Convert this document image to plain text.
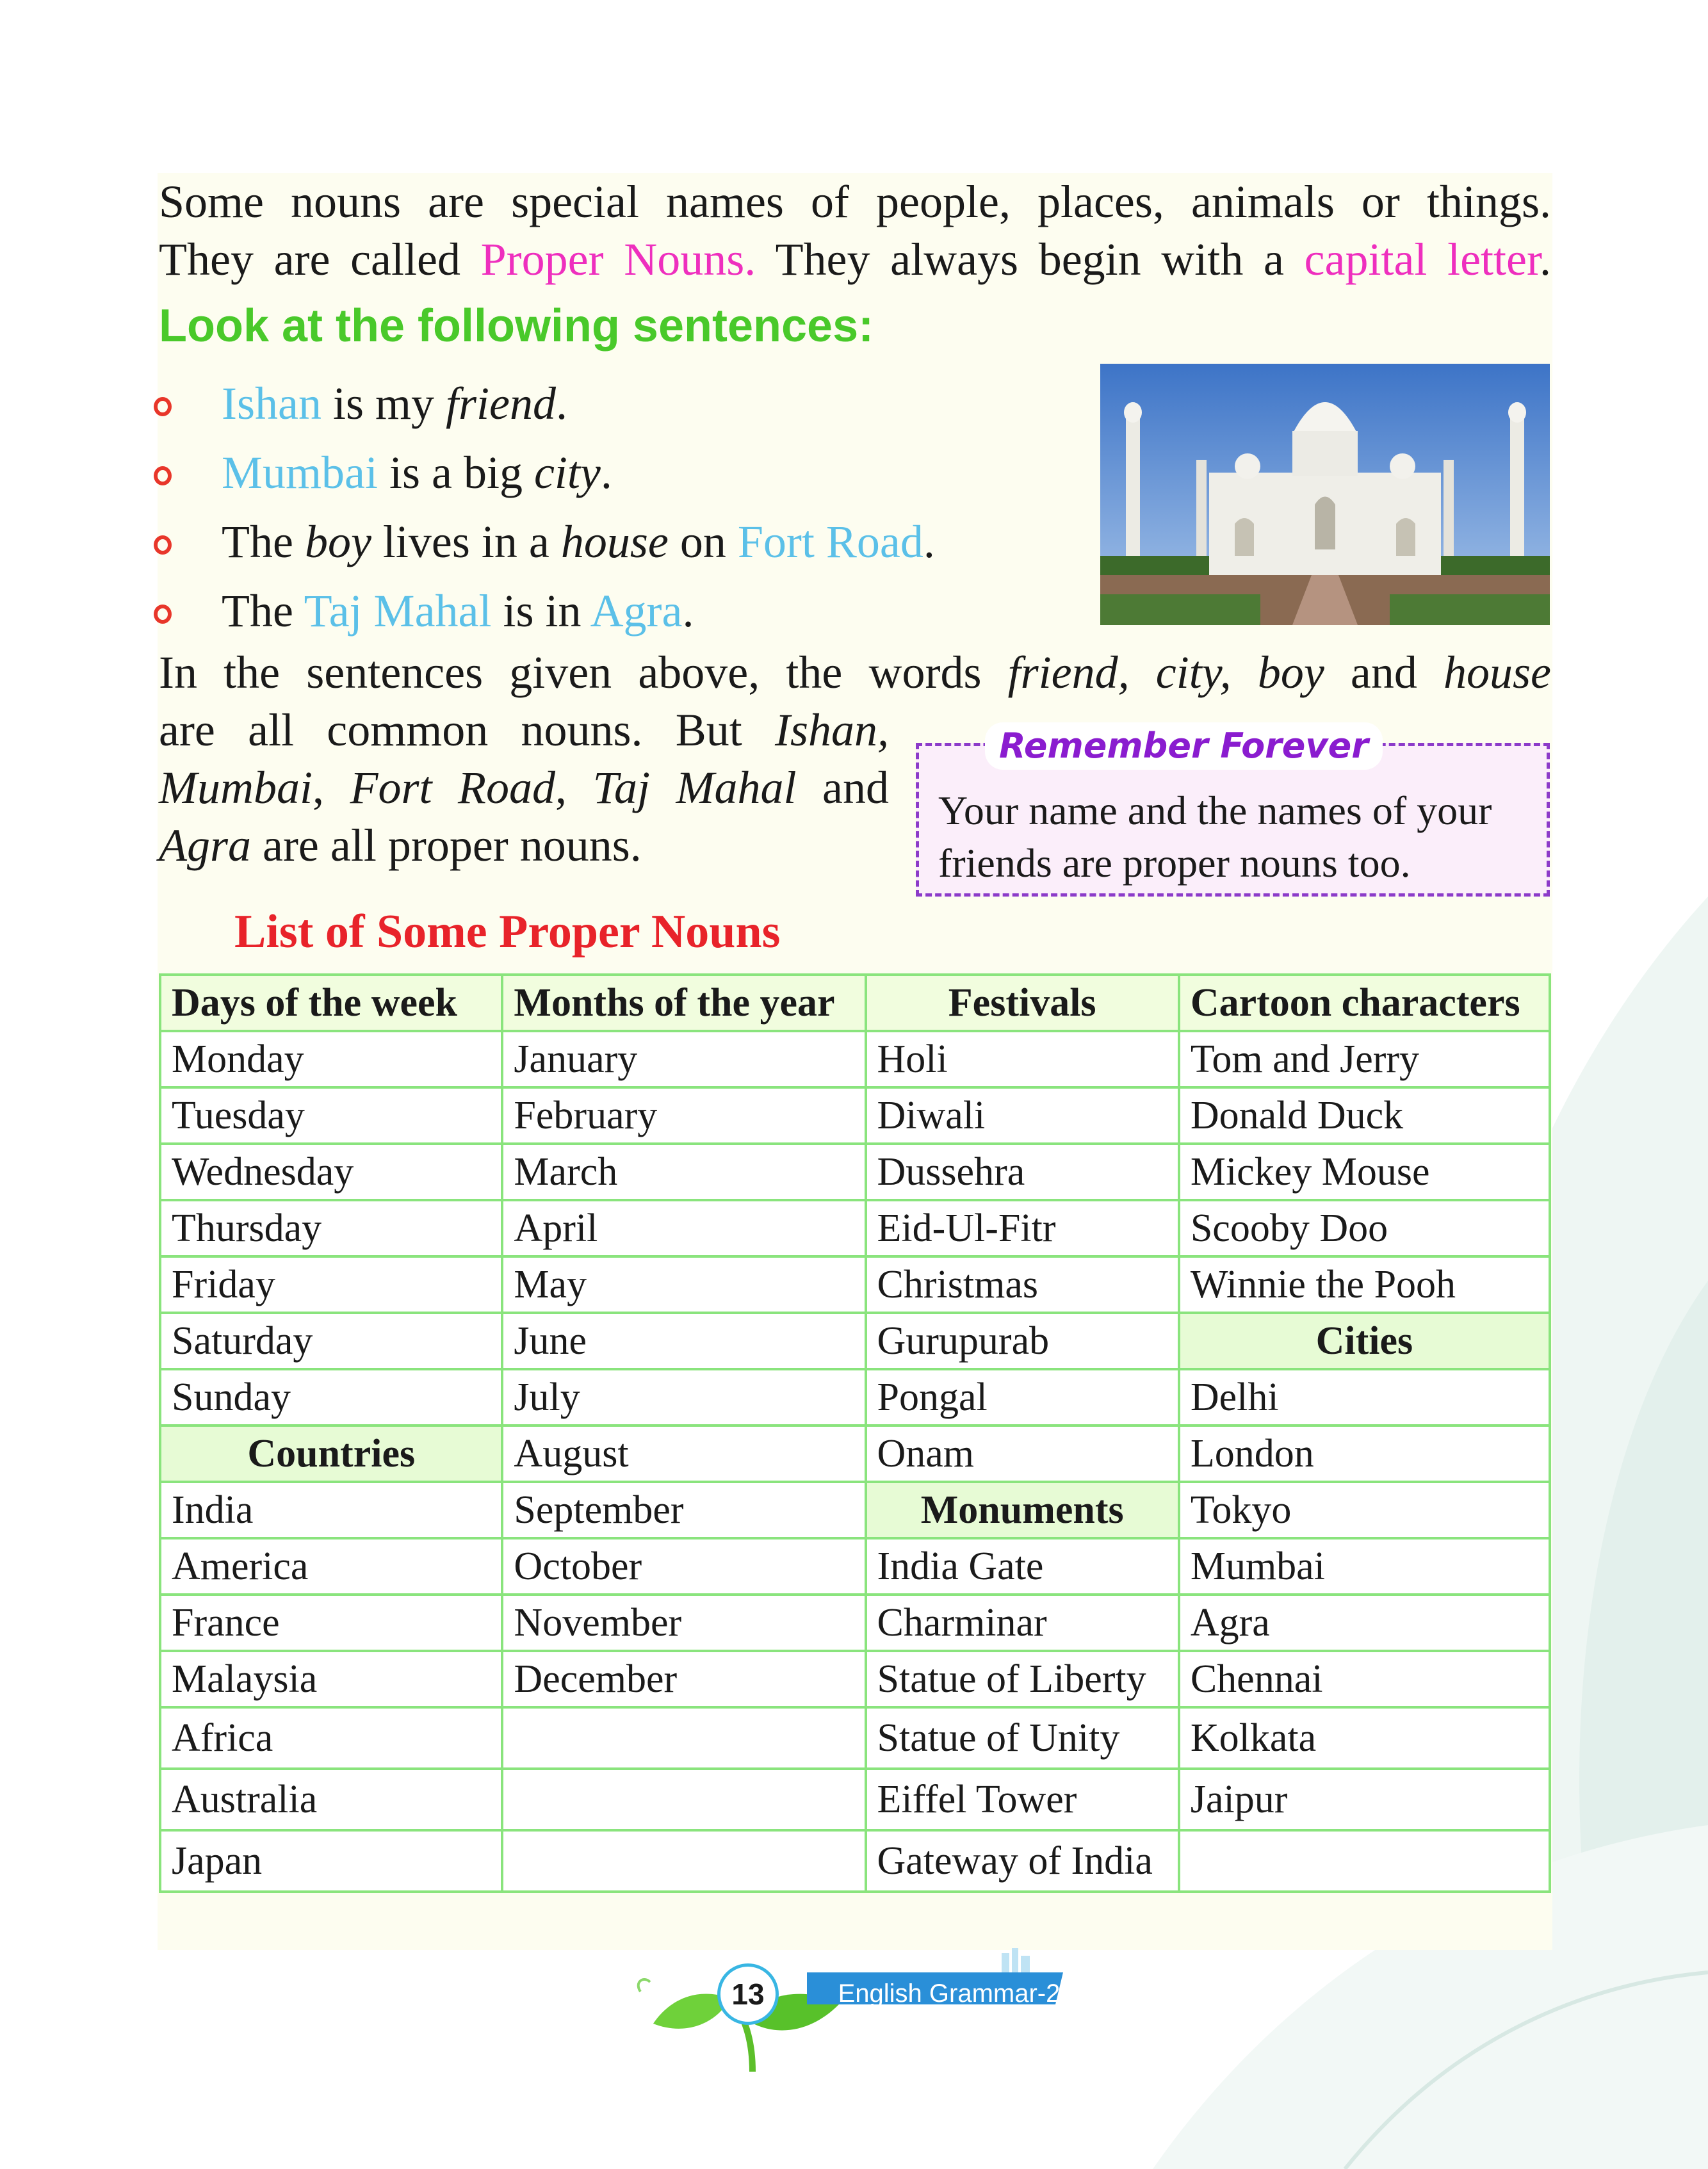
Some nouns are special names of people, places, animals or things.
They are called Proper Nouns. They always begin with a capital letter.
Look at the following sentences:
Ishan is my friend.
Mumbai is a big city.
The boy lives in a house on Fort Road.
The Taj Mahal is in Agra.
In the sentences given above, the words friend, city, boy and house
are all common nouns. But Ishan,
Mumbai, Fort Road, Taj Mahal and
Agra are all proper nouns.
Remember Forever
Your name and the names of your
friends are proper nouns too.
List of Some Proper Nouns
Days of the week	Months of the year	Festivals	Cartoon characters
Monday	January	Holi	Tom and Jerry
Tuesday	February	Diwali	Donald Duck
Wednesday	March	Dussehra	Mickey Mouse
Thursday	April	Eid-Ul-Fitr	Scooby Doo
Friday	May	Christmas	Winnie the Pooh
Saturday	June	Gurupurab	Cities
Sunday	July	Pongal	Delhi
Countries	August	Onam	London
India	September	Monuments	Tokyo
America	October	India Gate	Mumbai
France	November	Charminar	Agra
Malaysia	December	Statue of Liberty	Chennai
Africa		Statue of Unity	Kolkata
Australia		Eiffel Tower	Jaipur
Japan		Gateway of India	
13	English Grammar-2
